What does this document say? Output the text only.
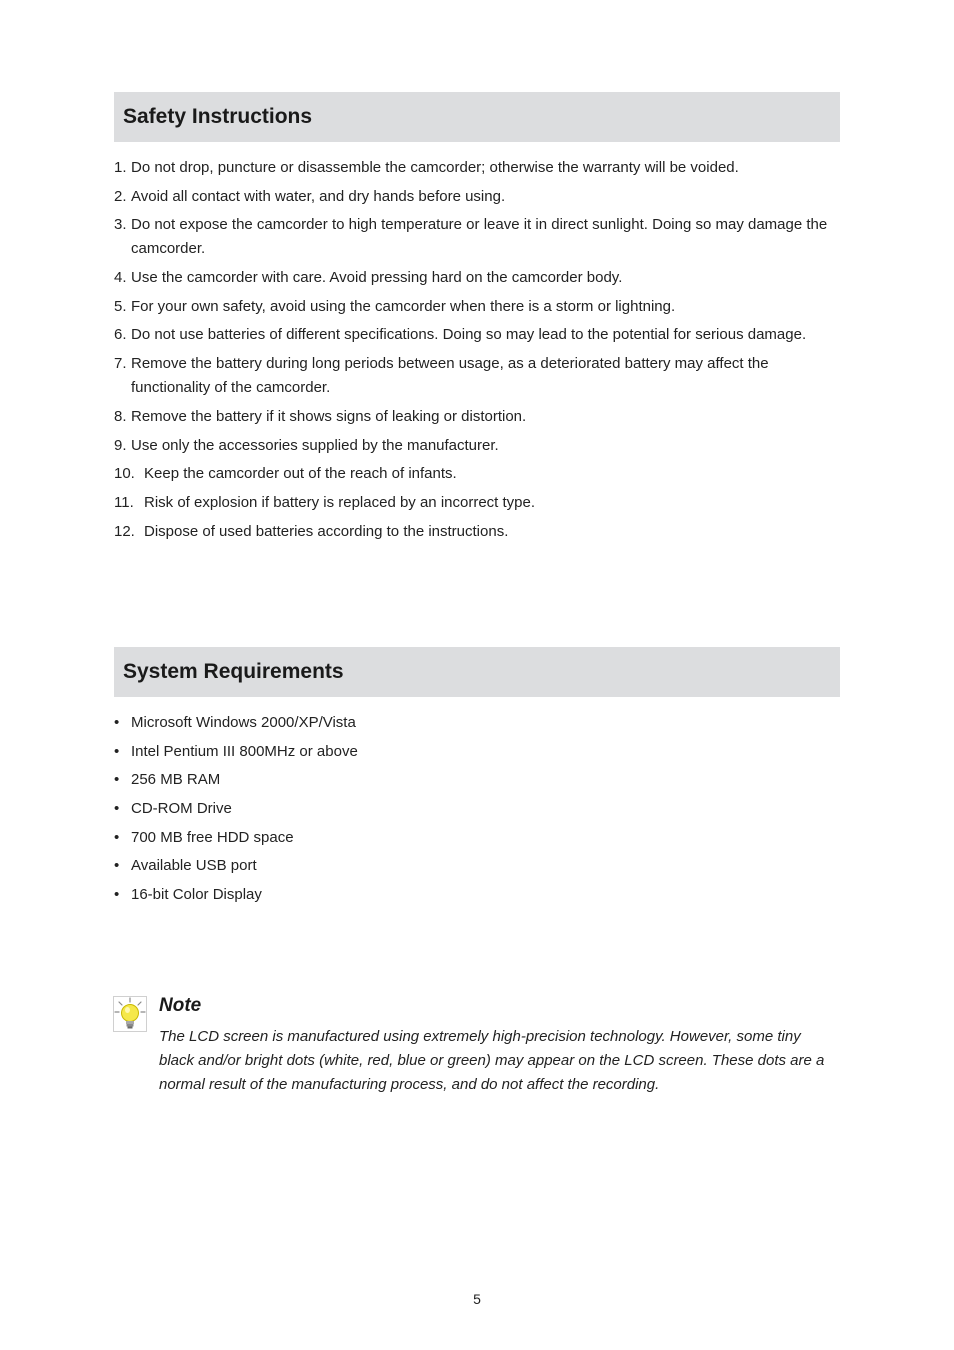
Safety Instructions
1. Do not drop, puncture or disassemble the camcorder; otherwise the warranty will be voided.
2. Avoid all contact with water, and dry hands before using.
3. Do not expose the camcorder to high temperature or leave it in direct sunlight. Doing so may damage the camcorder.
4. Use the camcorder with care. Avoid pressing hard on the camcorder body.
5. For your own safety, avoid using the camcorder when there is a storm or lightning.
6. Do not use batteries of different specifications. Doing so may lead to the potential for serious damage.
7. Remove the battery during long periods between usage, as a deteriorated battery may affect the functionality of the camcorder.
8. Remove the battery if it shows signs of leaking or distortion.
9. Use only the accessories supplied by the manufacturer.
10. Keep the camcorder out of the reach of infants.
11. Risk of explosion if battery is replaced by an incorrect type.
12. Dispose of used batteries according to the instructions.
System Requirements
• Microsoft Windows 2000/XP/Vista
• Intel Pentium III 800MHz or above
• 256 MB RAM
• CD-ROM Drive
• 700 MB free HDD space
• Available USB port
• 16-bit Color Display

Note

The LCD screen is manufactured using extremely high-precision technology. However, some tiny black and/or bright dots (white, red, blue or green) may appear on the LCD screen. These dots are a normal result of the manufacturing process, and do not affect the recording.

5
